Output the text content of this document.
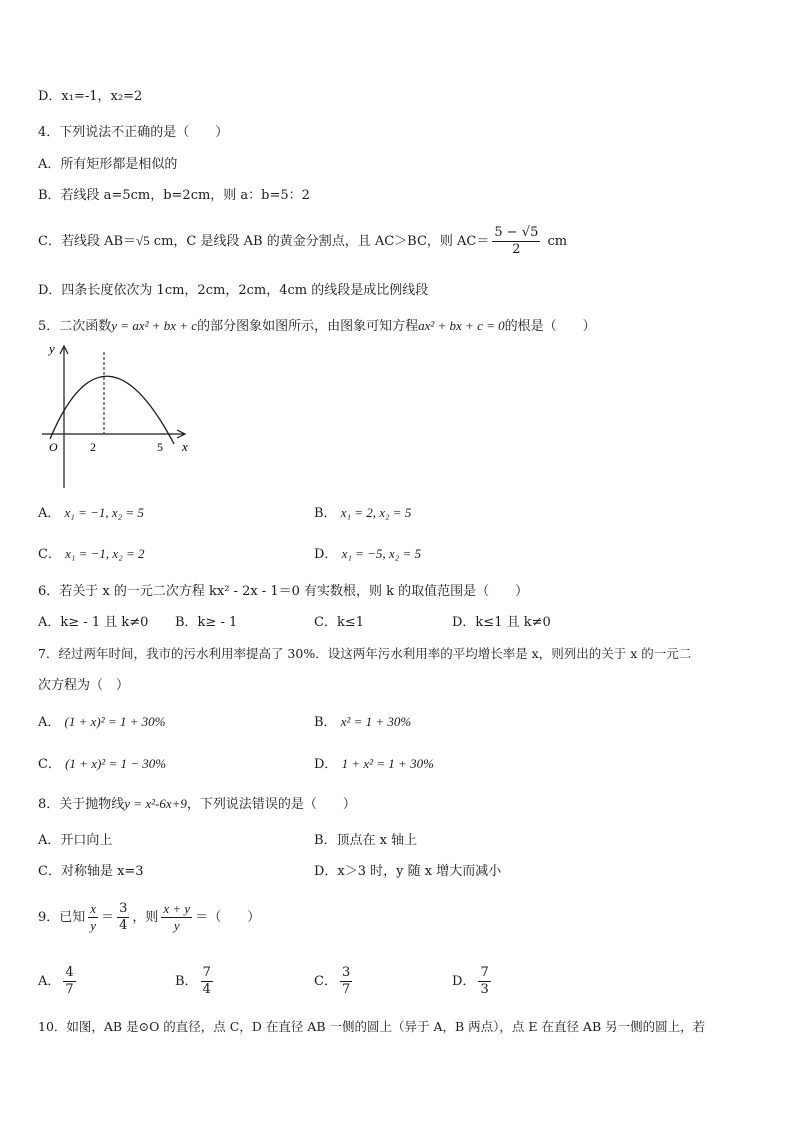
D．x₁=-1，x₂=2
4．下列说法不正确的是（　　）
A．所有矩形都是相似的
B．若线段 a=5cm，b=2cm，则 a：b=5：2
C．若线段 AB＝√5 cm，C 是线段 AB 的黄金分割点，且 AC＞BC，则 $AC= \frac{5 - √5}{2}$ cm
D．四条长度依次为 1cm，2cm，2cm，4cm 的线段是成比例线段
5．二次函数y = ax² + bx + c的部分图象如图所示，由图象可知方程ax² + bx + c = 0的根是（　　）
y
O	2	5 x
A． x₁ = −1, x₂ = 5	B． x₁ = 2, x₂ = 5
C． x₁ = −1, x₂ = 2	D． x₁ = −5, x₂ = 5
6．若关于 x 的一元二次方程 kx² - 2x - 1＝0 有实数根，则 k 的取值范围是（　　）
A．k≥ - 1 且 k≠0 B．k≥ - 1	C．k≤1	D．k≤1 且 k≠0
7．经过两年时间，我市的污水利用率提高了 30%．设这两年污水利用率的平均增长率是 x，则列出的关于 x 的一元二
次方程为（　）
A． (1 + x)² = 1 + 30%	B． x² = 1 + 30%
C． (1 + x)² = 1 − 30%	D． 1 + x² = 1 + 30%
8．关于抛物线y = x²-6x+9，下列说法错误的是（　　）
A．开口向上	B．顶点在 x 轴上
C．对称轴是 x=3	D．x＞3 时，y 随 x 增大而减小
9．已知 $\frac{x}{y} = \frac{3}{4}$ ，则 $\frac{x + y}{y}$ ＝（　　）
A． $\frac{4}{7}$	B． $\frac{7}{4}$	C． $\frac{3}{7}$	D． $\frac{7}{3}$
10．如图，AB 是⊙O 的直径，点 C，D 在直径 AB 一侧的圆上（异于 A，B 两点），点 E 在直径 AB 另一侧的圆上，若
